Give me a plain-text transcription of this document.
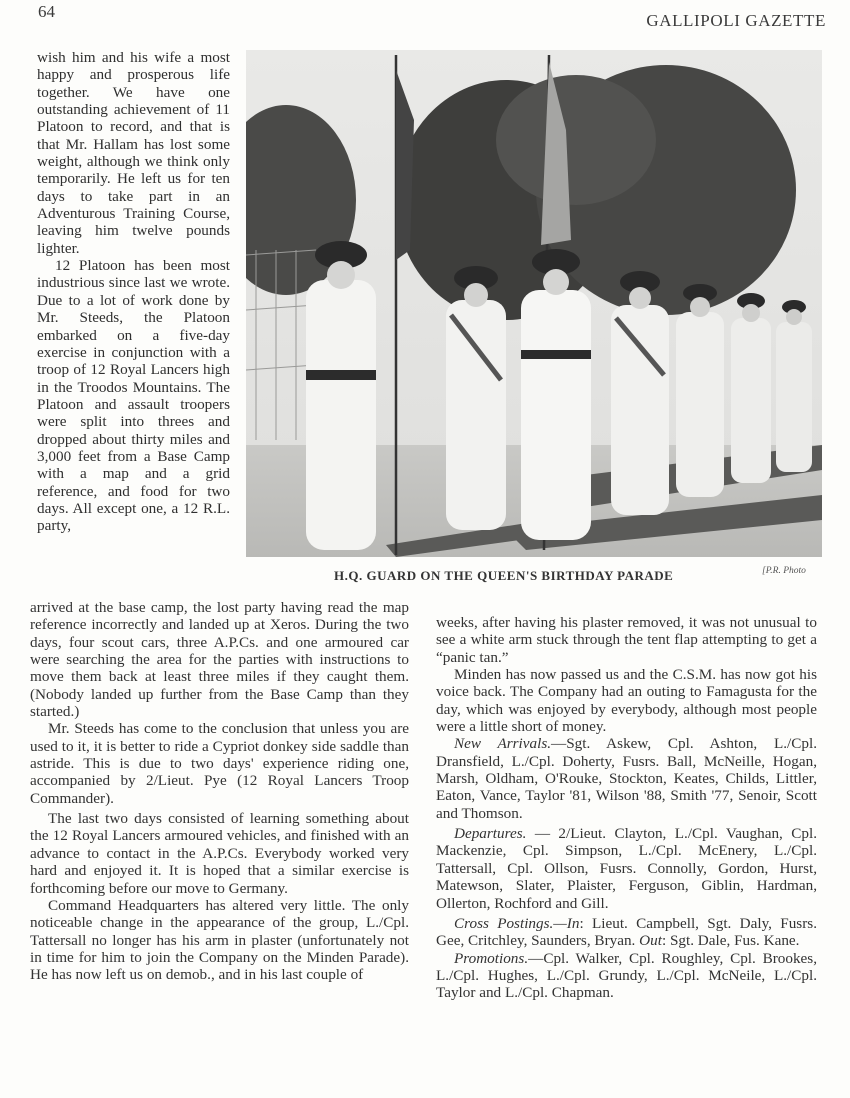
64	GALLIPOLI GAZETTE

wish him and his wife a most happy and prosperous life together. We have one outstanding achievement of 11 Platoon to record, and that is that Mr. Hallam has lost some weight, although we think only temporarily. He left us for ten days to take part in an Adventurous Training Course, leaving him twelve pounds lighter.

12 Platoon has been most industrious since last we wrote. Due to a lot of work done by Mr. Steeds, the Platoon embarked on a five-day exercise in conjunction with a troop of 12 Royal Lancers high in the Troodos Mountains. The Platoon and assault troopers were split into threes and dropped about thirty miles and 3,000 feet from a Base Camp with a map and a grid reference, and food for two days. All except one, a 12 R.L. party,

H.Q. GUARD ON THE QUEEN'S BIRTHDAY PARADE	[P.R. Photo

arrived at the base camp, the lost party having read the map reference incorrectly and landed up at Xeros. During the two days, four scout cars, three A.P.Cs. and one armoured car were searching the area for the parties with instructions to move them back at least three miles if they caught them. (Nobody landed up further from the Base Camp than they started.)

Mr. Steeds has come to the conclusion that unless you are used to it, it is better to ride a Cypriot donkey side saddle than astride. This is due to two days' experience riding one, accompanied by 2/Lieut. Pye (12 Royal Lancers Troop Commander).

The last two days consisted of learning something about the 12 Royal Lancers armoured vehicles, and finished with an advance to contact in the A.P.Cs. Everybody worked very hard and enjoyed it. It is hoped that a similar exercise is forthcoming before our move to Germany.

Command Headquarters has altered very little. The only noticeable change in the appearance of the group, L./Cpl. Tattersall no longer has his arm in plaster (unfortunately not in time for him to join the Company on the Minden Parade). He has now left us on demob., and in his last couple of

weeks, after having his plaster removed, it was not unusual to see a white arm stuck through the tent flap attempting to get a “panic tan.”

Minden has now passed us and the C.S.M. has now got his voice back. The Company had an outing to Famagusta for the day, which was enjoyed by everybody, although most people were a little short of money.

New Arrivals.—Sgt. Askew, Cpl. Ashton, L./Cpl. Dransfield, L./Cpl. Doherty, Fusrs. Ball, McNeille, Hogan, Marsh, Oldham, O'Rouke, Stockton, Keates, Childs, Littler, Eaton, Vance, Taylor '81, Wilson '88, Smith '77, Senoir, Scott and Thomson.

Departures. — 2/Lieut. Clayton, L./Cpl. Vaughan, Cpl. Mackenzie, Cpl. Simpson, L./Cpl. McEnery, L./Cpl. Tattersall, Cpl. Ollson, Fusrs. Connolly, Gordon, Hurst, Matewson, Slater, Plaister, Ferguson, Giblin, Hardman, Ollerton, Rochford and Gill.

Cross Postings.—In: Lieut. Campbell, Sgt. Daly, Fusrs. Gee, Critchley, Saunders, Bryan. Out: Sgt. Dale, Fus. Kane.

Promotions.—Cpl. Walker, Cpl. Roughley, Cpl. Brookes, L./Cpl. Hughes, L./Cpl. Grundy, L./Cpl. McNeile, L./Cpl. Taylor and L./Cpl. Chapman.
